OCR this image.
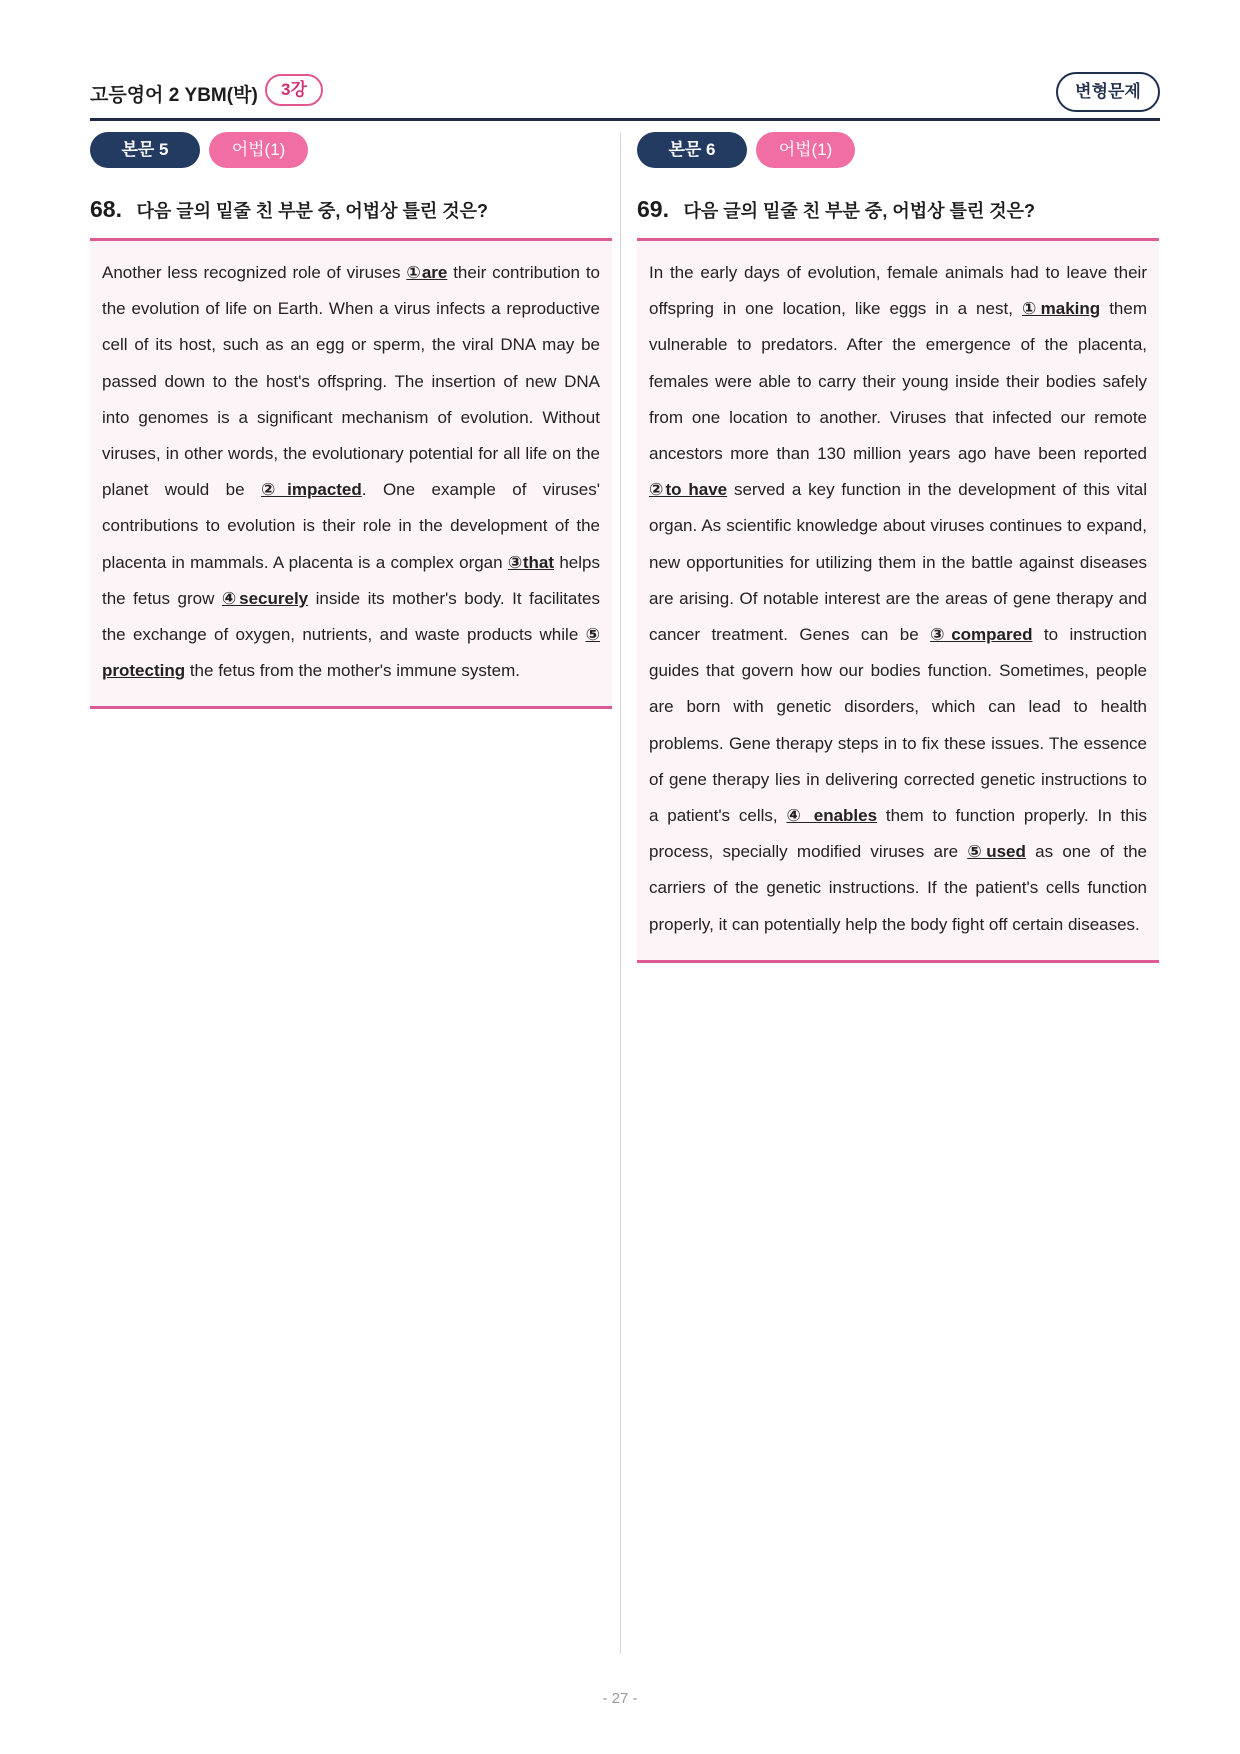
고등영어 2 YBM(박)	3강	변형문제
본문 5	어법(1)
68. 다음 글의 밑줄 친 부분 중, 어법상 틀린 것은?

Another less recognized role of viruses ①are their contribution to the evolution of life on Earth. When a virus infects a reproductive cell of its host, such as an egg or sperm, the viral DNA may be passed down to the host's offspring. The insertion of new DNA into genomes is a significant mechanism of evolution. Without viruses, in other words, the evolutionary potential for all life on the planet would be ②impacted. One example of viruses' contributions to evolution is their role in the development of the placenta in mammals. A placenta is a complex organ ③that helps the fetus grow ④securely inside its mother's body. It facilitates the exchange of oxygen, nutrients, and waste products while ⑤ protecting the fetus from the mother's immune system.

본문 6	어법(1)
69. 다음 글의 밑줄 친 부분 중, 어법상 틀린 것은?

In the early days of evolution, female animals had to leave their offspring in one location, like eggs in a nest, ①making them vulnerable to predators. After the emergence of the placenta, females were able to carry their young inside their bodies safely from one location to another. Viruses that infected our remote ancestors more than 130 million years ago have been reported ②to have served a key function in the development of this vital organ. As scientific knowledge about viruses continues to expand, new opportunities for utilizing them in the battle against diseases are arising. Of notable interest are the areas of gene therapy and cancer treatment. Genes can be ③compared to instruction guides that govern how our bodies function. Sometimes, people are born with genetic disorders, which can lead to health problems. Gene therapy steps in to fix these issues. The essence of gene therapy lies in delivering corrected genetic instructions to a patient's cells, ④ enables them to function properly. In this process, specially modified viruses are ⑤used as one of the carriers of the genetic instructions. If the patient's cells function properly, it can potentially help the body fight off certain diseases.

- 27 -
